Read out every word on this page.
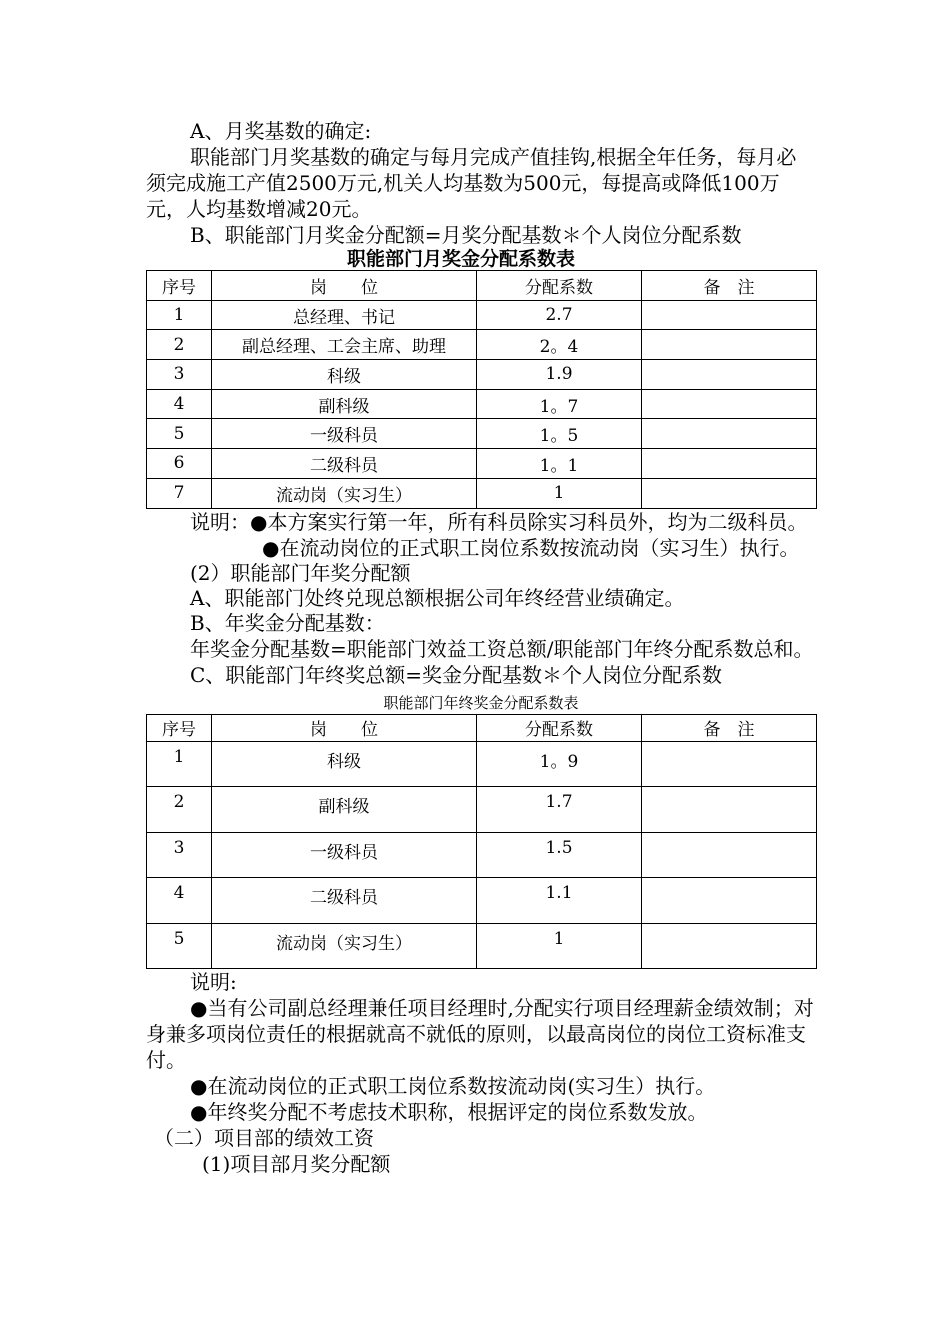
A、月奖基数的确定:

职能部门月奖基数的确定与每月完成产值挂钩,根据全年任务，每月必须完成施工产值2500万元,机关人均基数为500元，每提高或降低100万元，人均基数增减20元。

B、职能部门月奖金分配额=月奖分配基数＊个人岗位分配系数

职能部门月奖金分配系数表
序号	岗　　位	分配系数	备　注
1	总经理、书记	2.7	
2	副总经理、工会主席、助理	2。4	
3	科级	1.9	
4	副科级	1。7	
5	一级科员	1。5	
6	二级科员	1。1	
7	流动岗（实习生）	1	

说明：●本方案实行第一年，所有科员除实习科员外，均为二级科员。

●在流动岗位的正式职工岗位系数按流动岗（实习生）执行。

(2）职能部门年奖分配额

A、职能部门处终兑现总额根据公司年终经营业绩确定。

B、年奖金分配基数：

年奖金分配基数=职能部门效益工资总额/职能部门年终分配系数总和。

C、职能部门年终奖总额=奖金分配基数＊个人岗位分配系数

职能部门年终奖金分配系数表
序号	岗　　位	分配系数	备　注
1	科级	1。9	
2	副科级	1.7	
3	一级科员	1.5	
4	二级科员	1.1	
5	流动岗（实习生）	1	

说明:

●当有公司副总经理兼任项目经理时,分配实行项目经理薪金绩效制；对身兼多项岗位责任的根据就高不就低的原则，以最高岗位的岗位工资标准支付。

●在流动岗位的正式职工岗位系数按流动岗(实习生）执行。

●年终奖分配不考虑技术职称，根据评定的岗位系数发放。

（二）项目部的绩效工资

(1)项目部月奖分配额
